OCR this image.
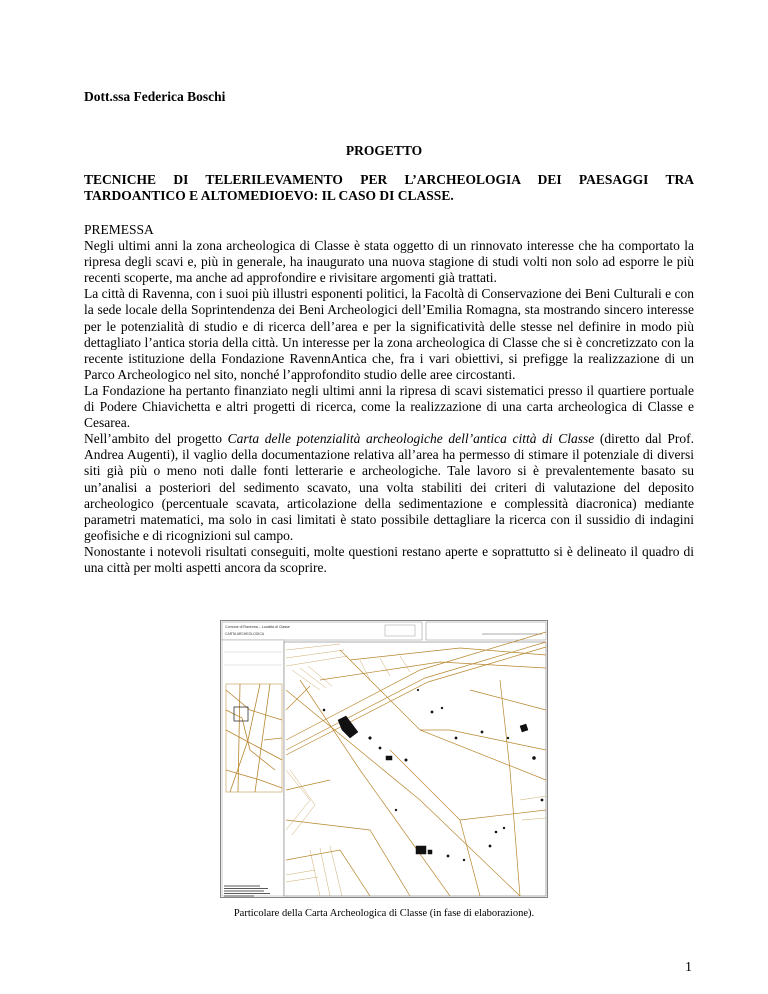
Dott.ssa Federica Boschi
PROGETTO
TECNICHE DI TELERILEVAMENTO PER L’ARCHEOLOGIA DEI PAESAGGI TRA
TARDOANTICO E ALTOMEDIOEVO: IL CASO DI CLASSE.
PREMESSA

Negli ultimi anni la zona archeologica di Classe è stata oggetto di un rinnovato interesse che ha comportato la ripresa degli scavi e, più in generale, ha inaugurato una nuova stagione di studi volti non solo ad esporre le più recenti scoperte, ma anche ad approfondire e rivisitare argomenti già trattati.

La città di Ravenna, con i suoi più illustri esponenti politici, la Facoltà di Conservazione dei Beni Culturali e con la sede locale della Soprintendenza dei Beni Archeologici dell’Emilia Romagna, sta mostrando sincero interesse per le potenzialità di studio e di ricerca dell’area e per la significatività delle stesse nel definire in modo più dettagliato l’antica storia della città. Un interesse per la zona archeologica di Classe che si è concretizzato con la recente istituzione della Fondazione RavennAntica che, fra i vari obiettivi, si prefigge la realizzazione di un Parco Archeologico nel sito, nonché l’approfondito studio delle aree circostanti.

La Fondazione ha pertanto finanziato negli ultimi anni la ripresa di scavi sistematici presso il quartiere portuale di Podere Chiavichetta e altri progetti di ricerca, come la realizzazione di una carta archeologica di Classe e Cesarea.

Nell’ambito del progetto Carta delle potenzialità archeologiche dell’antica città di Classe (diretto dal Prof. Andrea Augenti), il vaglio della documentazione relativa all’area ha permesso di stimare il potenziale di diversi siti già più o meno noti dalle fonti letterarie e archeologiche. Tale lavoro si è prevalentemente basato su un’analisi a posteriori del sedimento scavato, una volta stabiliti dei criteri di valutazione del deposito archeologico (percentuale scavata, articolazione della sedimentazione e complessità diacronica) mediante parametri matematici, ma solo in casi limitati è stato possibile dettagliare la ricerca con il sussidio di indagini geofisiche e di ricognizioni sul campo.

Nonostante i notevoli risultati conseguiti, molte questioni restano aperte e soprattutto si è delineato il quadro di una città per molti aspetti ancora da scoprire.

Comune di Ravenna – Località di Classe
CARTA ARCHEOLOGICA
Particolare della Carta Archeologica di Classe (in fase di elaborazione).
1
